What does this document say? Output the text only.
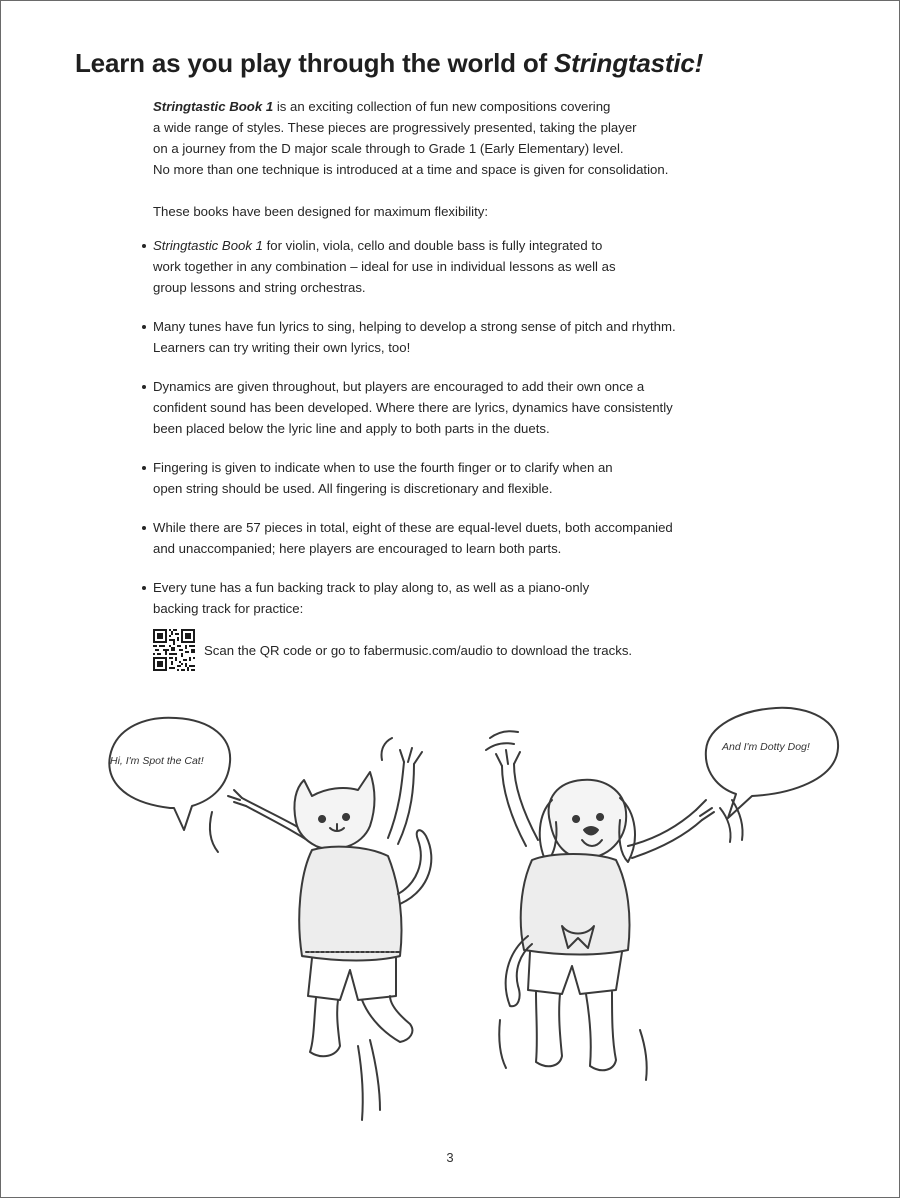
Learn as you play through the world of Stringtastic!

Stringtastic Book 1 is an exciting collection of fun new compositions covering

a wide range of styles. These pieces are progressively presented, taking the player

on a journey from the D major scale through to Grade 1 (Early Elementary) level.

No more than one technique is introduced at a time and space is given for consolidation.

These books have been designed for maximum flexibility:

Stringtastic Book 1 for violin, viola, cello and double bass is fully integrated to
work together in any combination – ideal for use in individual lessons as well as
group lessons and string orchestras.
Many tunes have fun lyrics to sing, helping to develop a strong sense of pitch and rhythm.
Learners can try writing their own lyrics, too!
Dynamics are given throughout, but players are encouraged to add their own once a
confident sound has been developed. Where there are lyrics, dynamics have consistently
been placed below the lyric line and apply to both parts in the duets.
Fingering is given to indicate when to use the fourth finger or to clarify when an
open string should be used. All fingering is discretionary and flexible.
While there are 57 pieces in total, eight of these are equal-level duets, both accompanied
and unaccompanied; here players are encouraged to learn both parts.
Every tune has a fun backing track to play along to, as well as a piano-only
backing track for practice:
Scan the QR code or go to fabermusic.com/audio to download the tracks.
Hi, I'm Spot the Cat!
And I'm Dotty Dog!
3
